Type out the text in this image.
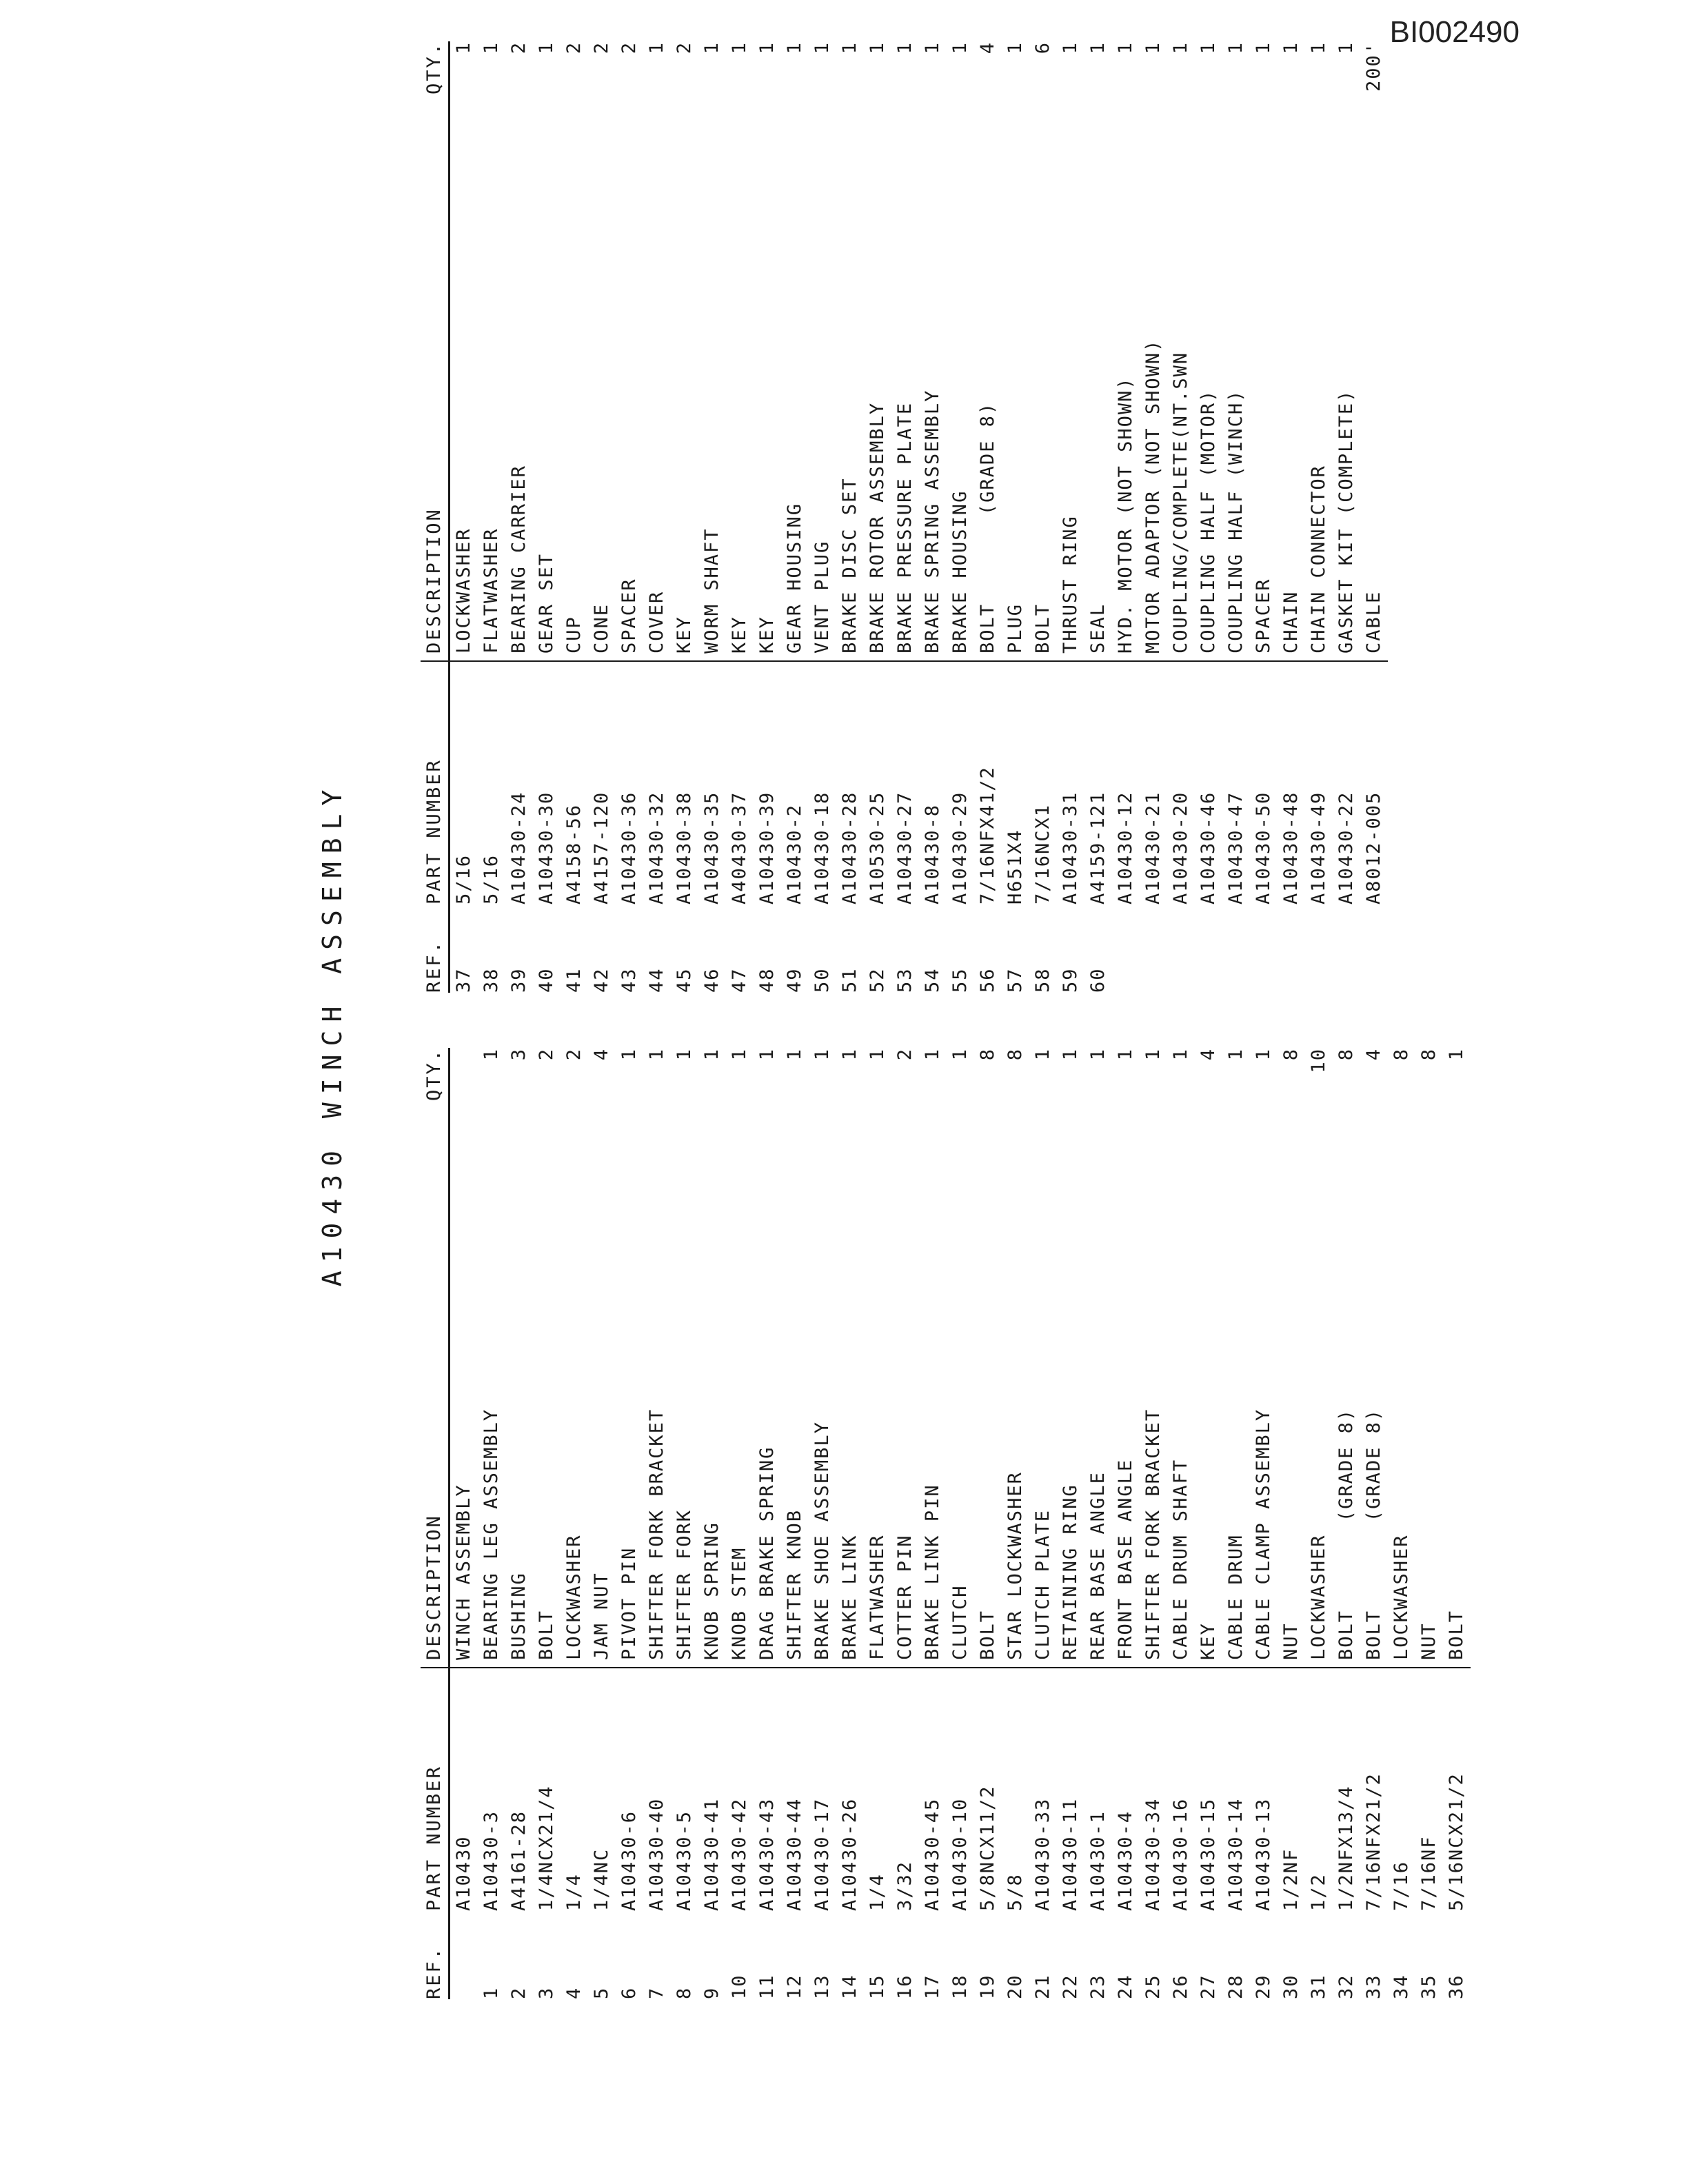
BI002490
A10430 WINCH ASSEMBLY
REF.
PART NUMBER
DESCRIPTION
QTY.
A10430
WINCH ASSEMBLY
1
A10430-3
BEARING LEG ASSEMBLY
1
2
A4161-28
BUSHING
3
3
1/4NCX21/4
BOLT
2
4
1/4
LOCKWASHER
2
5
1/4NC
JAM NUT
4
6
A10430-6
PIVOT PIN
1
7
A10430-40
SHIFTER FORK BRACKET
1
8
A10430-5
SHIFTER FORK
1
9
A10430-41
KNOB SPRING
1
10
A10430-42
KNOB STEM
1
11
A10430-43
DRAG BRAKE SPRING
1
12
A10430-44
SHIFTER KNOB
1
13
A10430-17
BRAKE SHOE ASSEMBLY
1
14
A10430-26
BRAKE LINK
1
15
1/4
FLATWASHER
1
16
3/32
COTTER PIN
2
17
A10430-45
BRAKE LINK PIN
1
18
A10430-10
CLUTCH
1
19
5/8NCX11/2
BOLT
8
20
5/8
STAR LOCKWASHER
8
21
A10430-33
CLUTCH PLATE
1
22
A10430-11
RETAINING RING
1
23
A10430-1
REAR BASE ANGLE
1
24
A10430-4
FRONT BASE ANGLE
1
25
A10430-34
SHIFTER FORK BRACKET
1
26
A10430-16
CABLE DRUM SHAFT
1
27
A10430-15
KEY
4
28
A10430-14
CABLE DRUM
1
29
A10430-13
CABLE CLAMP ASSEMBLY
1
30
1/2NF
NUT
8
31
1/2
LOCKWASHER
10
32
1/2NFX13/4
BOLT       (GRADE 8)
8
33
7/16NFX21/2
BOLT       (GRADE 8)
4
34
7/16
LOCKWASHER
8
35
7/16NF
NUT
8
36
5/16NCX21/2
BOLT
1
REF.
PART NUMBER
DESCRIPTION
QTY.
37
5/16
LOCKWASHER
1
38
5/16
FLATWASHER
1
39
A10430-24
BEARING CARRIER
2
40
A10430-30
GEAR SET
1
41
A4158-56
CUP
2
42
A4157-120
CONE
2
43
A10430-36
SPACER
2
44
A10430-32
COVER
1
45
A10430-38
KEY
2
46
A10430-35
WORM SHAFT
1
47
A40430-37
KEY
1
48
A10430-39
KEY
1
49
A10430-2
GEAR HOUSING
1
50
A10430-18
VENT PLUG
1
51
A10430-28
BRAKE DISC SET
1
52
A10530-25
BRAKE ROTOR ASSEMBLY
1
53
A10430-27
BRAKE PRESSURE PLATE
1
54
A10430-8
BRAKE SPRING ASSEMBLY
1
55
A10430-29
BRAKE HOUSING
1
56
7/16NFX41/2
BOLT       (GRADE 8)
4
57
H651X4
PLUG
1
58
7/16NCX1
BOLT
6
59
A10430-31
THRUST RING
1
60
A4159-121
SEAL
1
A10430-12
HYD. MOTOR (NOT SHOWN)
1
A10430-21
MOTOR ADAPTOR (NOT SHOWN)
1
A10430-20
COUPLING/COMPLETE(NT.SWN
1
A10430-46
COUPLING HALF (MOTOR)
1
A10430-47
COUPLING HALF (WINCH)
1
A10430-50
SPACER
1
A10430-48
CHAIN
1
A10430-49
CHAIN CONNECTOR
1
A10430-22
GASKET KIT (COMPLETE)
1
A8012-005
CABLE
200'
